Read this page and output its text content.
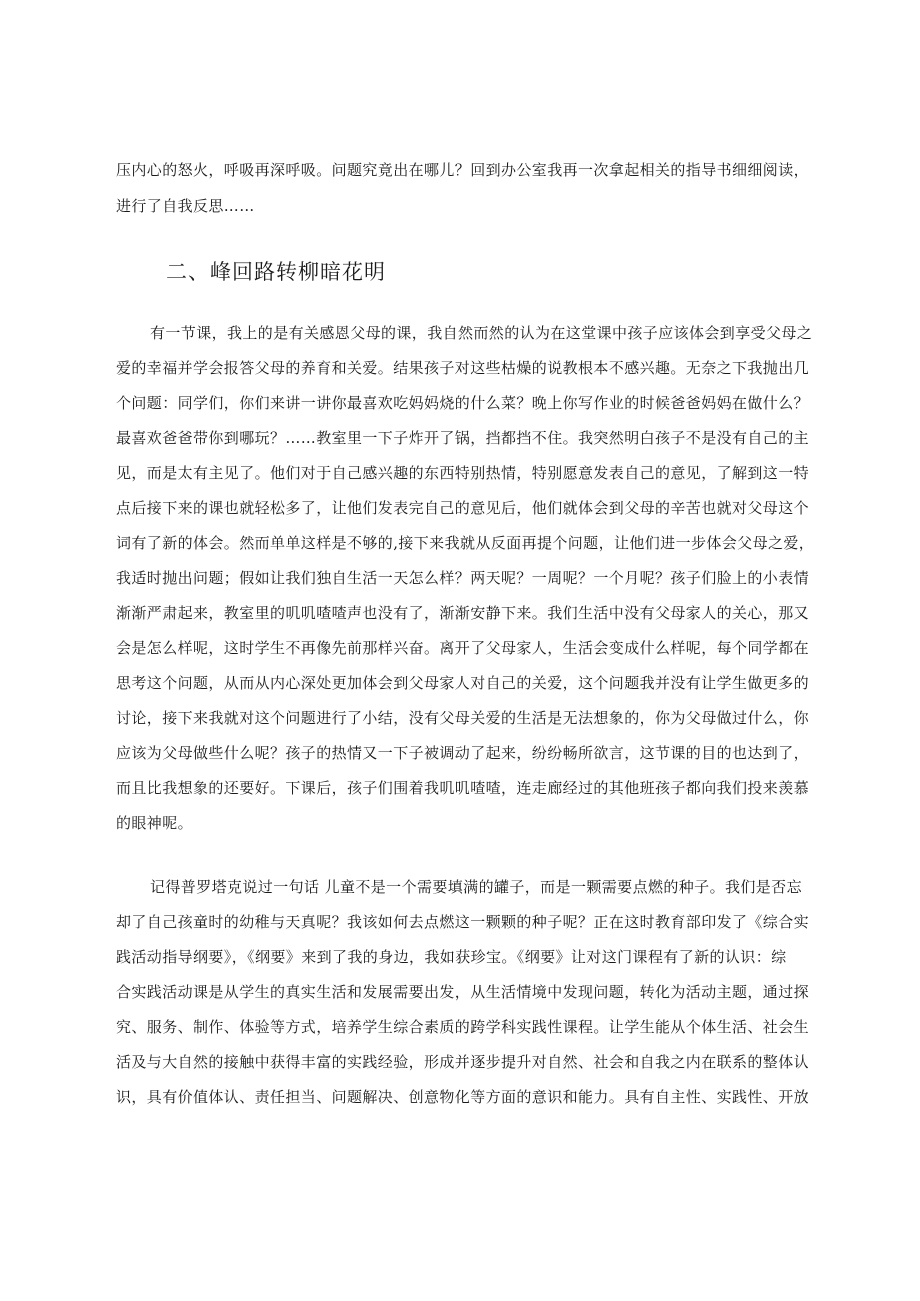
压内心的怒火，呼吸再深呼吸。问题究竟出在哪儿？回到办公室我再一次拿起相关的指导书细细阅读，
进行了自我反思……
二、峰回路转柳暗花明
有一节课，我上的是有关感恩父母的课，我自然而然的认为在这堂课中孩子应该体会到享受父母之
爱的幸福并学会报答父母的养育和关爱。结果孩子对这些枯燥的说教根本不感兴趣。无奈之下我抛出几
个问题：同学们，你们来讲一讲你最喜欢吃妈妈烧的什么菜？晚上你写作业的时候爸爸妈妈在做什么？
最喜欢爸爸带你到哪玩？……教室里一下子炸开了锅，挡都挡不住。我突然明白孩子不是没有自己的主
见，而是太有主见了。他们对于自己感兴趣的东西特别热情，特别愿意发表自己的意见，了解到这一特
点后接下来的课也就轻松多了，让他们发表完自己的意见后，他们就体会到父母的辛苦也就对父母这个
词有了新的体会。然而单单这样是不够的,接下来我就从反面再提个问题，让他们进一步体会父母之爱，
我适时抛出问题；假如让我们独自生活一天怎么样？两天呢？一周呢？一个月呢？孩子们脸上的小表情
渐渐严肃起来，教室里的叽叽喳喳声也没有了，渐渐安静下来。我们生活中没有父母家人的关心，那又
会是怎么样呢，这时学生不再像先前那样兴奋。离开了父母家人，生活会变成什么样呢，每个同学都在
思考这个问题，从而从内心深处更加体会到父母家人对自己的关爱，这个问题我并没有让学生做更多的
讨论，接下来我就对这个问题进行了小结，没有父母关爱的生活是无法想象的，你为父母做过什么，你
应该为父母做些什么呢？孩子的热情又一下子被调动了起来，纷纷畅所欲言，这节课的目的也达到了，
而且比我想象的还要好。下课后，孩子们围着我叽叽喳喳，连走廊经过的其他班孩子都向我们投来羡慕
的眼神呢。
记得普罗塔克说过一句话 儿童不是一个需要填满的罐子，而是一颗需要点燃的种子。我们是否忘
却了自己孩童时的幼稚与天真呢？我该如何去点燃这一颗颗的种子呢？正在这时教育部印发了《综合实
践活动指导纲要》，《纲要》来到了我的身边，我如获珍宝。《纲要》让对这门课程有了新的认识：综
合实践活动课是从学生的真实生活和发展需要出发，从生活情境中发现问题，转化为活动主题，通过探
究、服务、制作、体验等方式，培养学生综合素质的跨学科实践性课程。让学生能从个体生活、社会生
活及与大自然的接触中获得丰富的实践经验，形成并逐步提升对自然、社会和自我之内在联系的整体认
识，具有价值体认、责任担当、问题解决、创意物化等方面的意识和能力。具有自主性、实践性、开放
